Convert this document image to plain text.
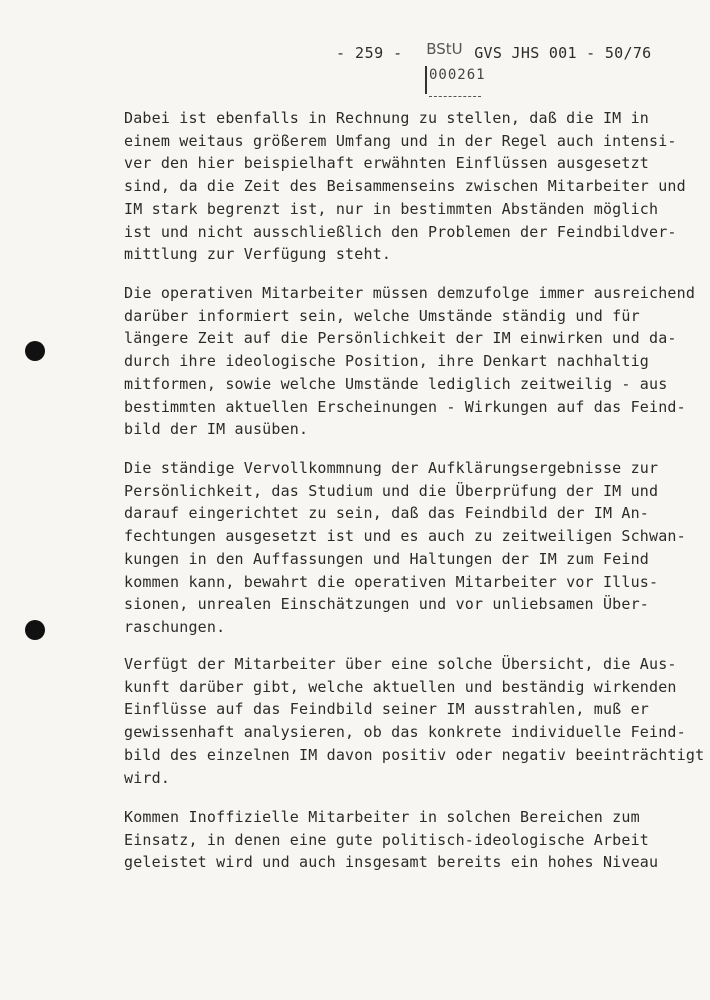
- 259 - BStU GVS JHS 001 - 50/76
000261
Dabei ist ebenfalls in Rechnung zu stellen, daß die IM in
einem weitaus größerem Umfang und in der Regel auch intensi-
ver den hier beispielhaft erwähnten Einflüssen ausgesetzt
sind, da die Zeit des Beisammenseins zwischen Mitarbeiter und
IM stark begrenzt ist, nur in bestimmten Abständen möglich
ist und nicht ausschließlich den Problemen der Feindbildver-
mittlung zur Verfügung steht.
Die operativen Mitarbeiter müssen demzufolge immer ausreichend
darüber informiert sein, welche Umstände ständig und für
längere Zeit auf die Persönlichkeit der IM einwirken und da-
durch ihre ideologische Position, ihre Denkart nachhaltig
mitformen, sowie welche Umstände lediglich zeitweilig - aus
bestimmten aktuellen Erscheinungen - Wirkungen auf das Feind-
bild der IM ausüben.
Die ständige Vervollkommnung der Aufklärungsergebnisse zur
Persönlichkeit, das Studium und die Überprüfung der IM und
darauf eingerichtet zu sein, daß das Feindbild der IM An-
fechtungen ausgesetzt ist und es auch zu zeitweiligen Schwan-
kungen in den Auffassungen und Haltungen der IM zum Feind
kommen kann, bewahrt die operativen Mitarbeiter vor Illus-
sionen, unrealen Einschätzungen und vor unliebsamen Über-
raschungen.
Verfügt der Mitarbeiter über eine solche Übersicht, die Aus-
kunft darüber gibt, welche aktuellen und beständig wirkenden
Einflüsse auf das Feindbild seiner IM ausstrahlen, muß er
gewissenhaft analysieren, ob das konkrete individuelle Feind-
bild des einzelnen IM davon positiv oder negativ beeinträchtigt
wird.
Kommen Inoffizielle Mitarbeiter in solchen Bereichen zum
Einsatz, in denen eine gute politisch-ideologische Arbeit
geleistet wird und auch insgesamt bereits ein hohes Niveau
